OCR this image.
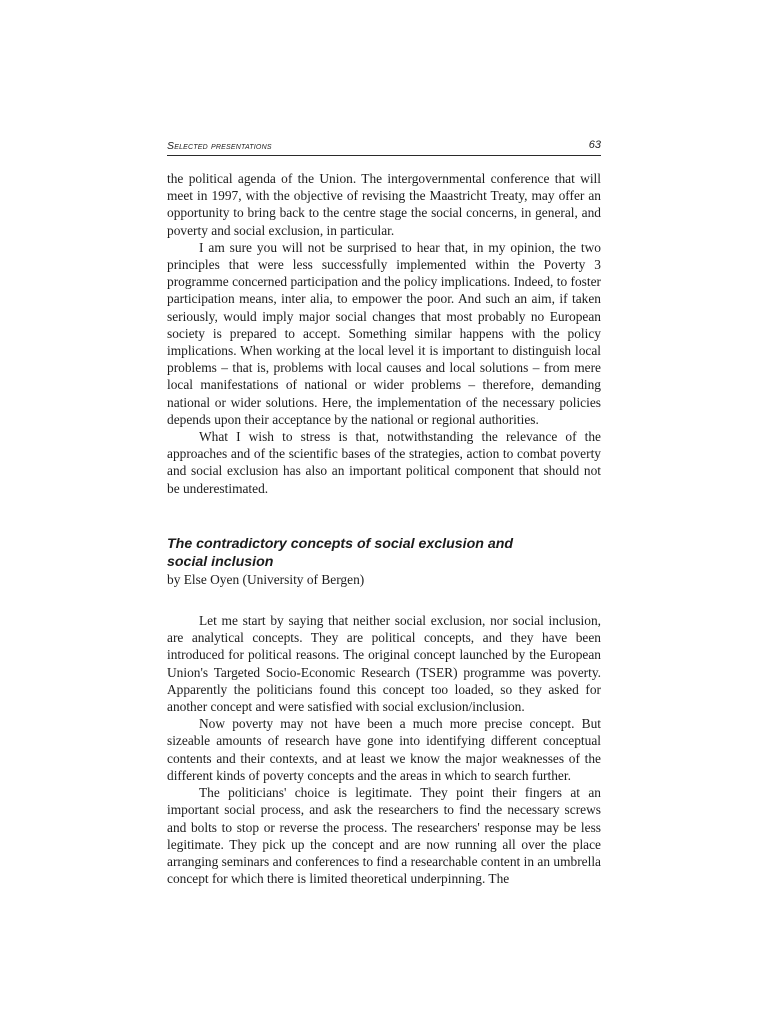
Selected presentations	63

the political agenda of the Union. The intergovernmental conference that will meet in 1997, with the objective of revising the Maastricht Treaty, may offer an opportunity to bring back to the centre stage the social concerns, in general, and poverty and social exclusion, in particular.

I am sure you will not be surprised to hear that, in my opinion, the two principles that were less successfully implemented within the Poverty 3 programme concerned participation and the policy implications. Indeed, to foster participation means, inter alia, to empower the poor. And such an aim, if taken seriously, would imply major social changes that most probably no European society is prepared to accept. Something similar happens with the policy implications. When working at the local level it is important to distinguish local problems – that is, problems with local causes and local solutions – from mere local manifestations of national or wider problems – therefore, demanding national or wider solutions. Here, the implementation of the necessary policies depends upon their acceptance by the national or regional authorities.

What I wish to stress is that, notwithstanding the relevance of the approaches and of the scientific bases of the strategies, action to combat poverty and social exclusion has also an important political component that should not be underestimated.

The contradictory concepts of social exclusion and social inclusion

by Else Oyen (University of Bergen)

Let me start by saying that neither social exclusion, nor social inclusion, are analytical concepts. They are political concepts, and they have been introduced for political reasons. The original concept launched by the European Union's Targeted Socio-Economic Research (TSER) programme was poverty. Apparently the politicians found this concept too loaded, so they asked for another concept and were satisfied with social exclusion/inclusion.

Now poverty may not have been a much more precise concept. But sizeable amounts of research have gone into identifying different conceptual contents and their contexts, and at least we know the major weaknesses of the different kinds of poverty concepts and the areas in which to search further.

The politicians' choice is legitimate. They point their fingers at an important social process, and ask the researchers to find the necessary screws and bolts to stop or reverse the process. The researchers' response may be less legitimate. They pick up the concept and are now running all over the place arranging seminars and conferences to find a researchable content in an umbrella concept for which there is limited theoretical underpinning. The
